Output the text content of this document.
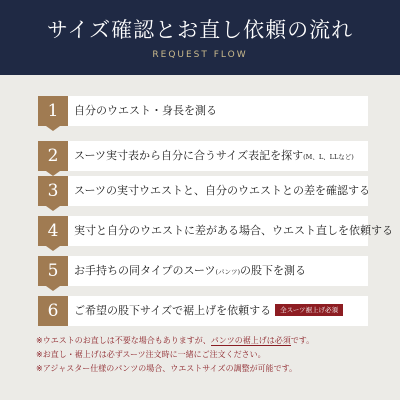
サイズ確認とお直し依頼の流れ
REQUEST FLOW
1	自分のウエスト・身長を測る
2	スーツ実寸表から自分に合うサイズ表記を探す(M、L、LLなど)
3	スーツの実寸ウエストと、自分のウエストとの差を確認する
4	実寸と自分のウエストに差がある場合、ウエスト直しを依頼する
5	お手持ちの同タイプのスーツ(パンツ)の股下を測る
6	ご希望の股下サイズで裾上げを依頼する 全スーツ裾上げ必須
※ウエストのお直しは不要な場合もありますが、パンツの裾上げは必須です。
※お直し・裾上げは必ずスーツ注文時に一緒にご注文ください。
※アジャスター仕様のパンツの場合、ウエストサイズの調整が可能です。
